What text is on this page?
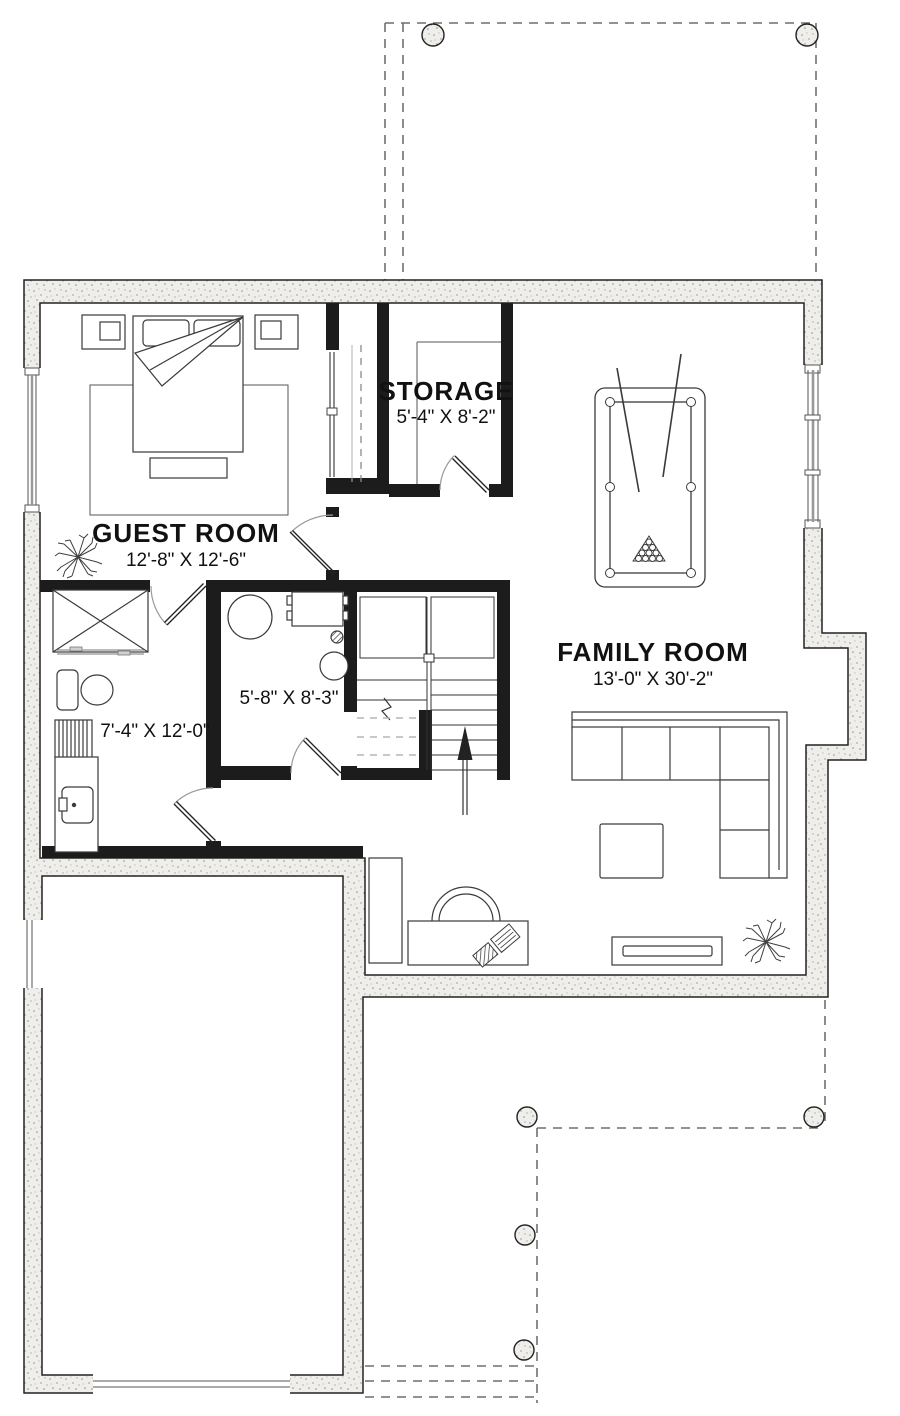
GUEST ROOM
12'-8" X 12'-6"
STORAGE
5'-4" X 8'-2"
FAMILY ROOM
13'-0" X 30'-2"
7'-4" X 12'-0"
5'-8" X 8'-3"
